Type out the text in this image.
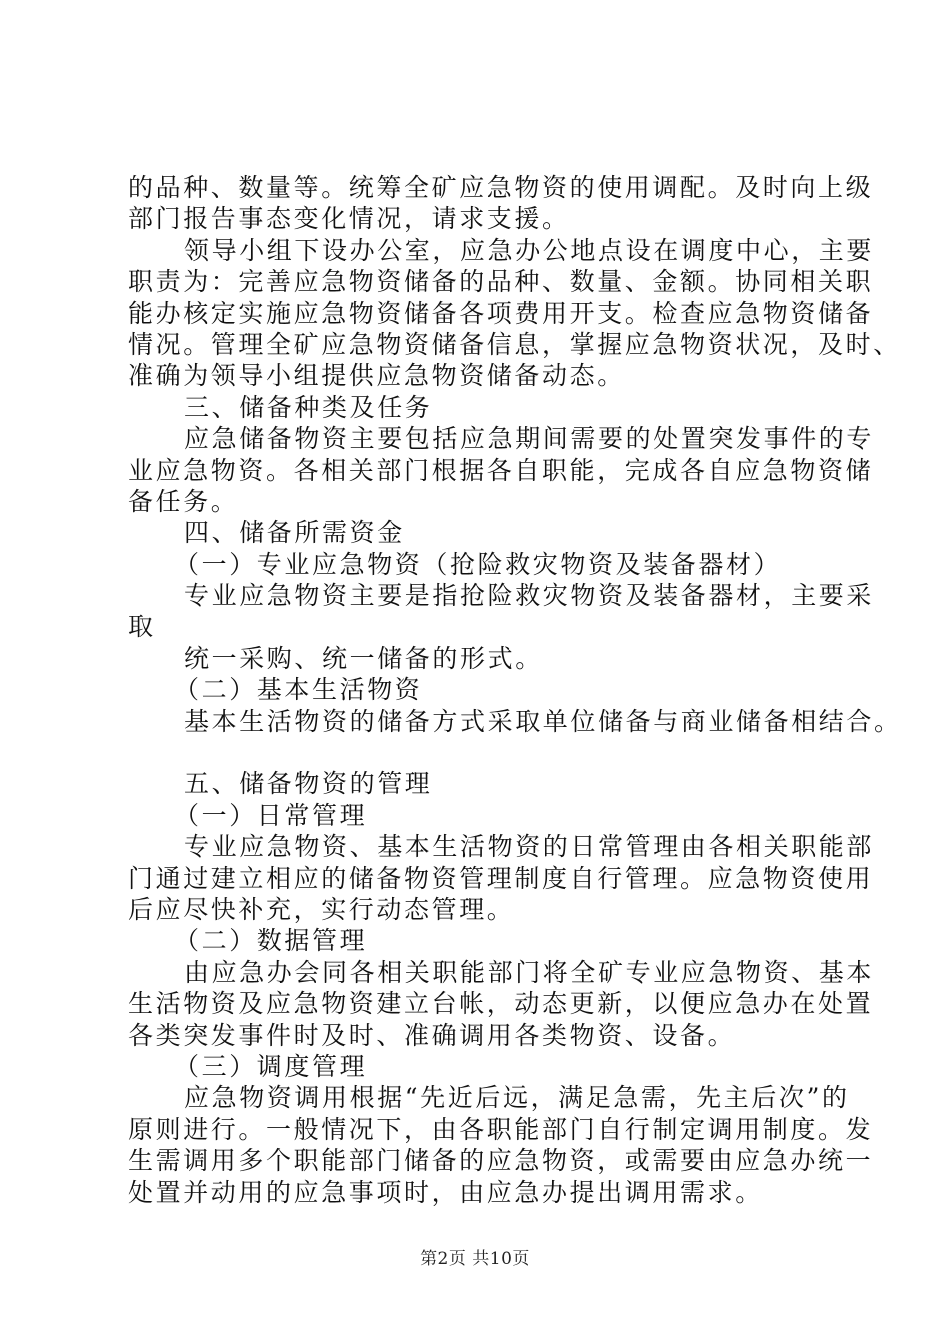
的品种、数量等。统筹全矿应急物资的使用调配。及时向上级
部门报告事态变化情况，请求支援。
领导小组下设办公室，应急办公地点设在调度中心，主要
职责为：完善应急物资储备的品种、数量、金额。协同相关职
能办核定实施应急物资储备各项费用开支。检查应急物资储备
情况。管理全矿应急物资储备信息，掌握应急物资状况，及时、
准确为领导小组提供应急物资储备动态。
三、储备种类及任务
应急储备物资主要包括应急期间需要的处置突发事件的专
业应急物资。各相关部门根据各自职能，完成各自应急物资储
备任务。
四、储备所需资金
（一）专业应急物资（抢险救灾物资及装备器材）
专业应急物资主要是指抢险救灾物资及装备器材，主要采
取
统一采购、统一储备的形式。
（二）基本生活物资
基本生活物资的储备方式采取单位储备与商业储备相结合。
五、储备物资的管理
（一）日常管理
专业应急物资、基本生活物资的日常管理由各相关职能部
门通过建立相应的储备物资管理制度自行管理。应急物资使用
后应尽快补充，实行动态管理。
（二）数据管理
由应急办会同各相关职能部门将全矿专业应急物资、基本
生活物资及应急物资建立台帐，动态更新，以便应急办在处置
各类突发事件时及时、准确调用各类物资、设备。
（三）调度管理
应急物资调用根据“先近后远，满足急需，先主后次”的
原则进行。一般情况下，由各职能部门自行制定调用制度。发
生需调用多个职能部门储备的应急物资，或需要由应急办统一
处置并动用的应急事项时，由应急办提出调用需求。
第2页 共10页
